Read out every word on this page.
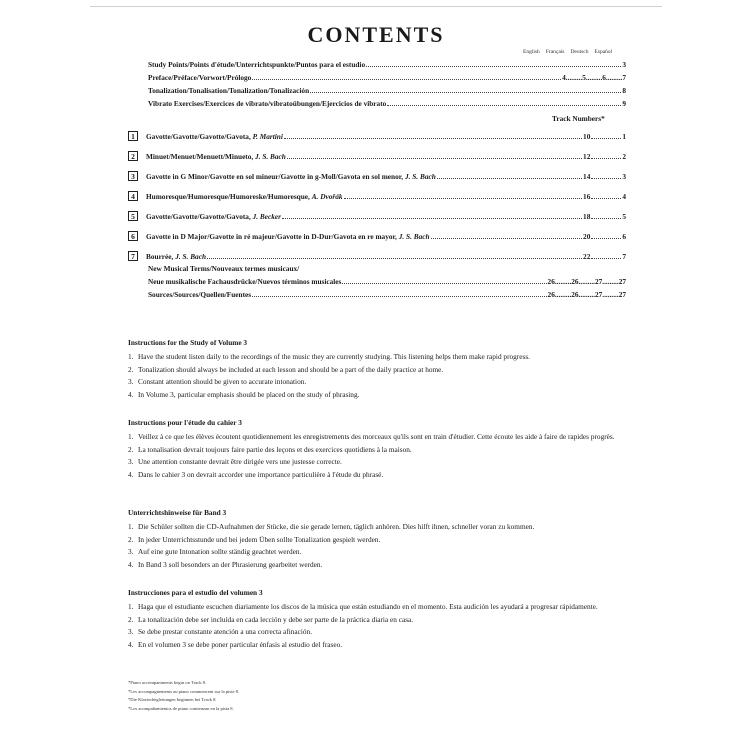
CONTENTS
English Français Deutsch Español
Study Points/Points d'étude/Unterrichtspunkte/Puntos para el estudio	3
Preface/Préface/Vorwort/Prólogo	4.........5.........6.........7
Tonalization/Tonalisation/Tonalization/Tonalización	8
Vibrato Exercises/Exercices de vibrato/vibratoübungen/Ejercicios de vibrato	9
Track Numbers*
1	Gavotte/Gavotte/Gavotte/Gavota, P. Martini	10	1
2	Minuet/Menuet/Menuett/Minueto, J. S. Bach	12	2
3	Gavotte in G Minor/Gavotte en sol mineur/Gavotte in g-Moll/Gavota en sol menor, J. S. Bach	14	3
4	Humoresque/Humoresque/Humoreske/Humoresque, A. Dvořák	16	4
5	Gavotte/Gavotte/Gavotte/Gavota, J. Becker	18	5
6	Gavotte in D Major/Gavotte in ré majeur/Gavotte in D-Dur/Gavota en re mayor, J. S. Bach	20	6
7	Bourrée, J. S. Bach	22	7
New Musical Terms/Nouveaux termes musicaux/
Neue musikalische Fachausdrücke/Nuevos términos musicales	26.........26.........27.........27
Sources/Sources/Quellen/Fuentes	26.........26.........27.........27
Instructions for the Study of Volume 3
1. Have the student listen daily to the recordings of the music they are currently studying. This listening helps them make rapid progress.
2. Tonalization should always be included at each lesson and should be a part of the daily practice at home.
3. Constant attention should be given to accurate intonation.
4. In Volume 3, particular emphasis should be placed on the study of phrasing.
Instructions pour l'étude du cahier 3
1. Veillez à ce que les élèves écoutent quotidiennement les enregistrements des morceaux qu'ils sont en train d'étudier. Cette écoute les aide à faire de rapides progrès.
2. La tonalisation devrait toujours faire partie des leçons et des exercices quotidiens à la maison.
3. Une attention constante devrait être dirigée vers une justesse correcte.
4. Dans le cahier 3 on devrait accorder une importance particulière à l'étude du phrasé.
Unterrichtshinweise für Band 3
1. Die Schüler sollten die CD-Aufnahmen der Stücke, die sie gerade lernen, täglich anhören. Dies hilft ihnen, schneller voran zu kommen.
2. In jeder Unterrichtsstunde und bei jedem Üben sollte Tonalization gespielt werden.
3. Auf eine gute Intonation sollte ständig geachtet werden.
4. In Band 3 soll besonders an der Phrasierung gearbeitet werden.
Instrucciones para el estudio del volumen 3
1. Haga que el estudiante escuchen diariamente los discos de la música que están estudiando en el momento. Esta audición les ayudará a progresar rápidamente.
2. La tonalización debe ser incluída en cada lección y debe ser parte de la práctica diaria en casa.
3. Se debe prestar constante atención a una correcta afinación.
4. En el volumen 3 se debe poner particular énfasis al estudio del fraseo.
*Piano accompaniments begin on Track 8.
*Les accompagnements au piano commencent sur la piste 8.
*Die Klavierbegleitungen beginnen bei Track 8.
*Los acompañamientos de piano comienzan en la pista 8.
